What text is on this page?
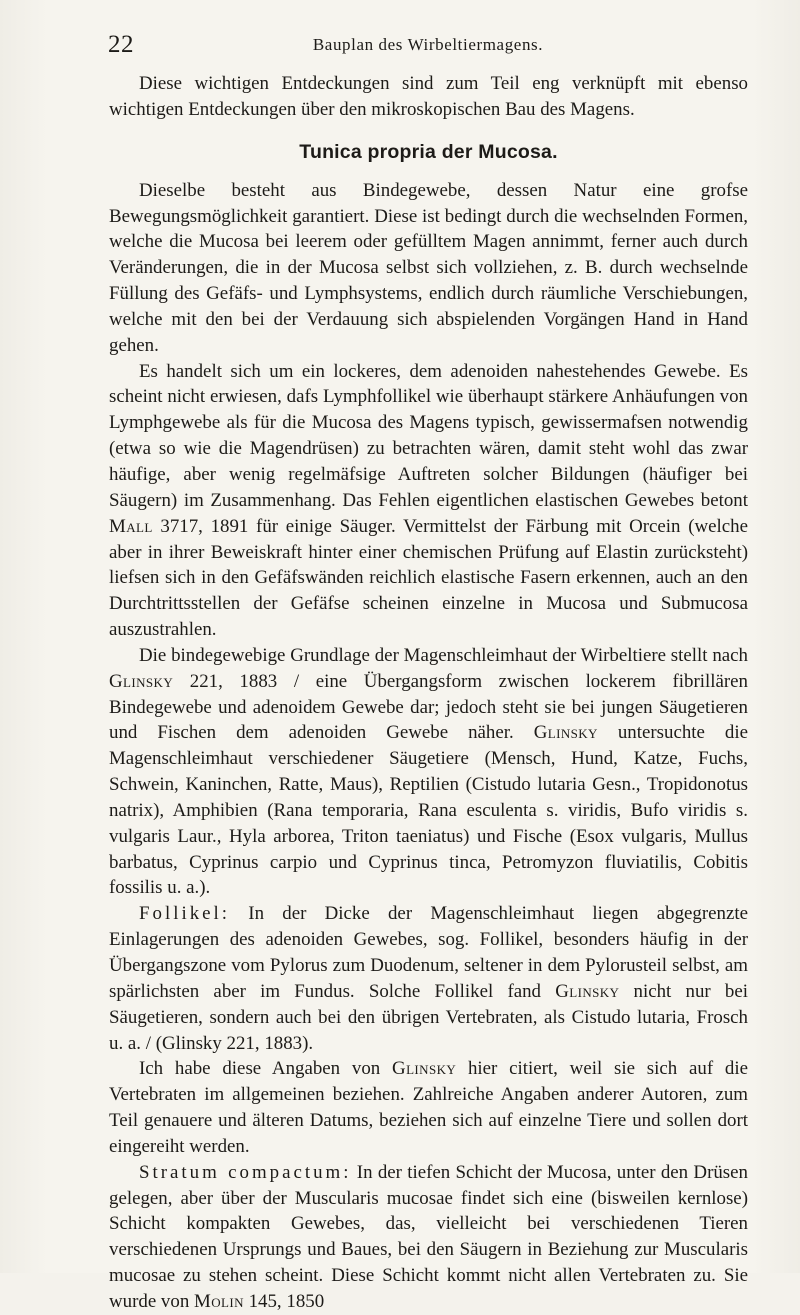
22	Bauplan des Wirbeltiermagens.

Diese wichtigen Entdeckungen sind zum Teil eng verknüpft mit ebenso wichtigen Entdeckungen über den mikroskopischen Bau des Magens.

Tunica propria der Mucosa.

Dieselbe besteht aus Bindegewebe, dessen Natur eine grofse Bewegungsmöglichkeit garantiert. Diese ist bedingt durch die wechselnden Formen, welche die Mucosa bei leerem oder gefülltem Magen annimmt, ferner auch durch Veränderungen, die in der Mucosa selbst sich vollziehen, z. B. durch wechselnde Füllung des Gefäfs- und Lymphsystems, endlich durch räumliche Verschiebungen, welche mit den bei der Verdauung sich abspielenden Vorgängen Hand in Hand gehen.

Es handelt sich um ein lockeres, dem adenoiden nahestehendes Gewebe. Es scheint nicht erwiesen, dafs Lymphfollikel wie überhaupt stärkere Anhäufungen von Lymphgewebe als für die Mucosa des Magens typisch, gewissermafsen notwendig (etwa so wie die Magendrüsen) zu betrachten wären, damit steht wohl das zwar häufige, aber wenig regelmäfsige Auftreten solcher Bildungen (häufiger bei Säugern) im Zusammenhang. Das Fehlen eigentlichen elastischen Gewebes betont Mall 3717, 1891 für einige Säuger. Vermittelst der Färbung mit Orcein (welche aber in ihrer Beweiskraft hinter einer chemischen Prüfung auf Elastin zurücksteht) liefsen sich in den Gefäfswänden reichlich elastische Fasern erkennen, auch an den Durchtrittsstellen der Gefäfse scheinen einzelne in Mucosa und Submucosa auszustrahlen.

Die bindegewebige Grundlage der Magenschleimhaut der Wirbeltiere stellt nach Glinsky 221, 1883 / eine Übergangsform zwischen lockerem fibrillären Bindegewebe und adenoidem Gewebe dar; jedoch steht sie bei jungen Säugetieren und Fischen dem adenoiden Gewebe näher. Glinsky untersuchte die Magenschleimhaut verschiedener Säugetiere (Mensch, Hund, Katze, Fuchs, Schwein, Kaninchen, Ratte, Maus), Reptilien (Cistudo lutaria Gesn., Tropidonotus natrix), Amphibien (Rana temporaria, Rana esculenta s. viridis, Bufo viridis s. vulgaris Laur., Hyla arborea, Triton taeniatus) und Fische (Esox vulgaris, Mullus barbatus, Cyprinus carpio und Cyprinus tinca, Petromyzon fluviatilis, Cobitis fossilis u. a.).

Follikel: In der Dicke der Magenschleimhaut liegen abgegrenzte Einlagerungen des adenoiden Gewebes, sog. Follikel, besonders häufig in der Übergangszone vom Pylorus zum Duodenum, seltener in dem Pylorusteil selbst, am spärlichsten aber im Fundus. Solche Follikel fand Glinsky nicht nur bei Säugetieren, sondern auch bei den übrigen Vertebraten, als Cistudo lutaria, Frosch u. a. / (Glinsky 221, 1883).

Ich habe diese Angaben von Glinsky hier citiert, weil sie sich auf die Vertebraten im allgemeinen beziehen. Zahlreiche Angaben anderer Autoren, zum Teil genauere und älteren Datums, beziehen sich auf einzelne Tiere und sollen dort eingereiht werden.

Stratum compactum: In der tiefen Schicht der Mucosa, unter den Drüsen gelegen, aber über der Muscularis mucosae findet sich eine (bisweilen kernlose) Schicht kompakten Gewebes, das, vielleicht bei verschiedenen Tieren verschiedenen Ursprungs und Baues, bei den Säugern in Beziehung zur Muscularis mucosae zu stehen scheint. Diese Schicht kommt nicht allen Vertebraten zu. Sie wurde von Molin 145, 1850
